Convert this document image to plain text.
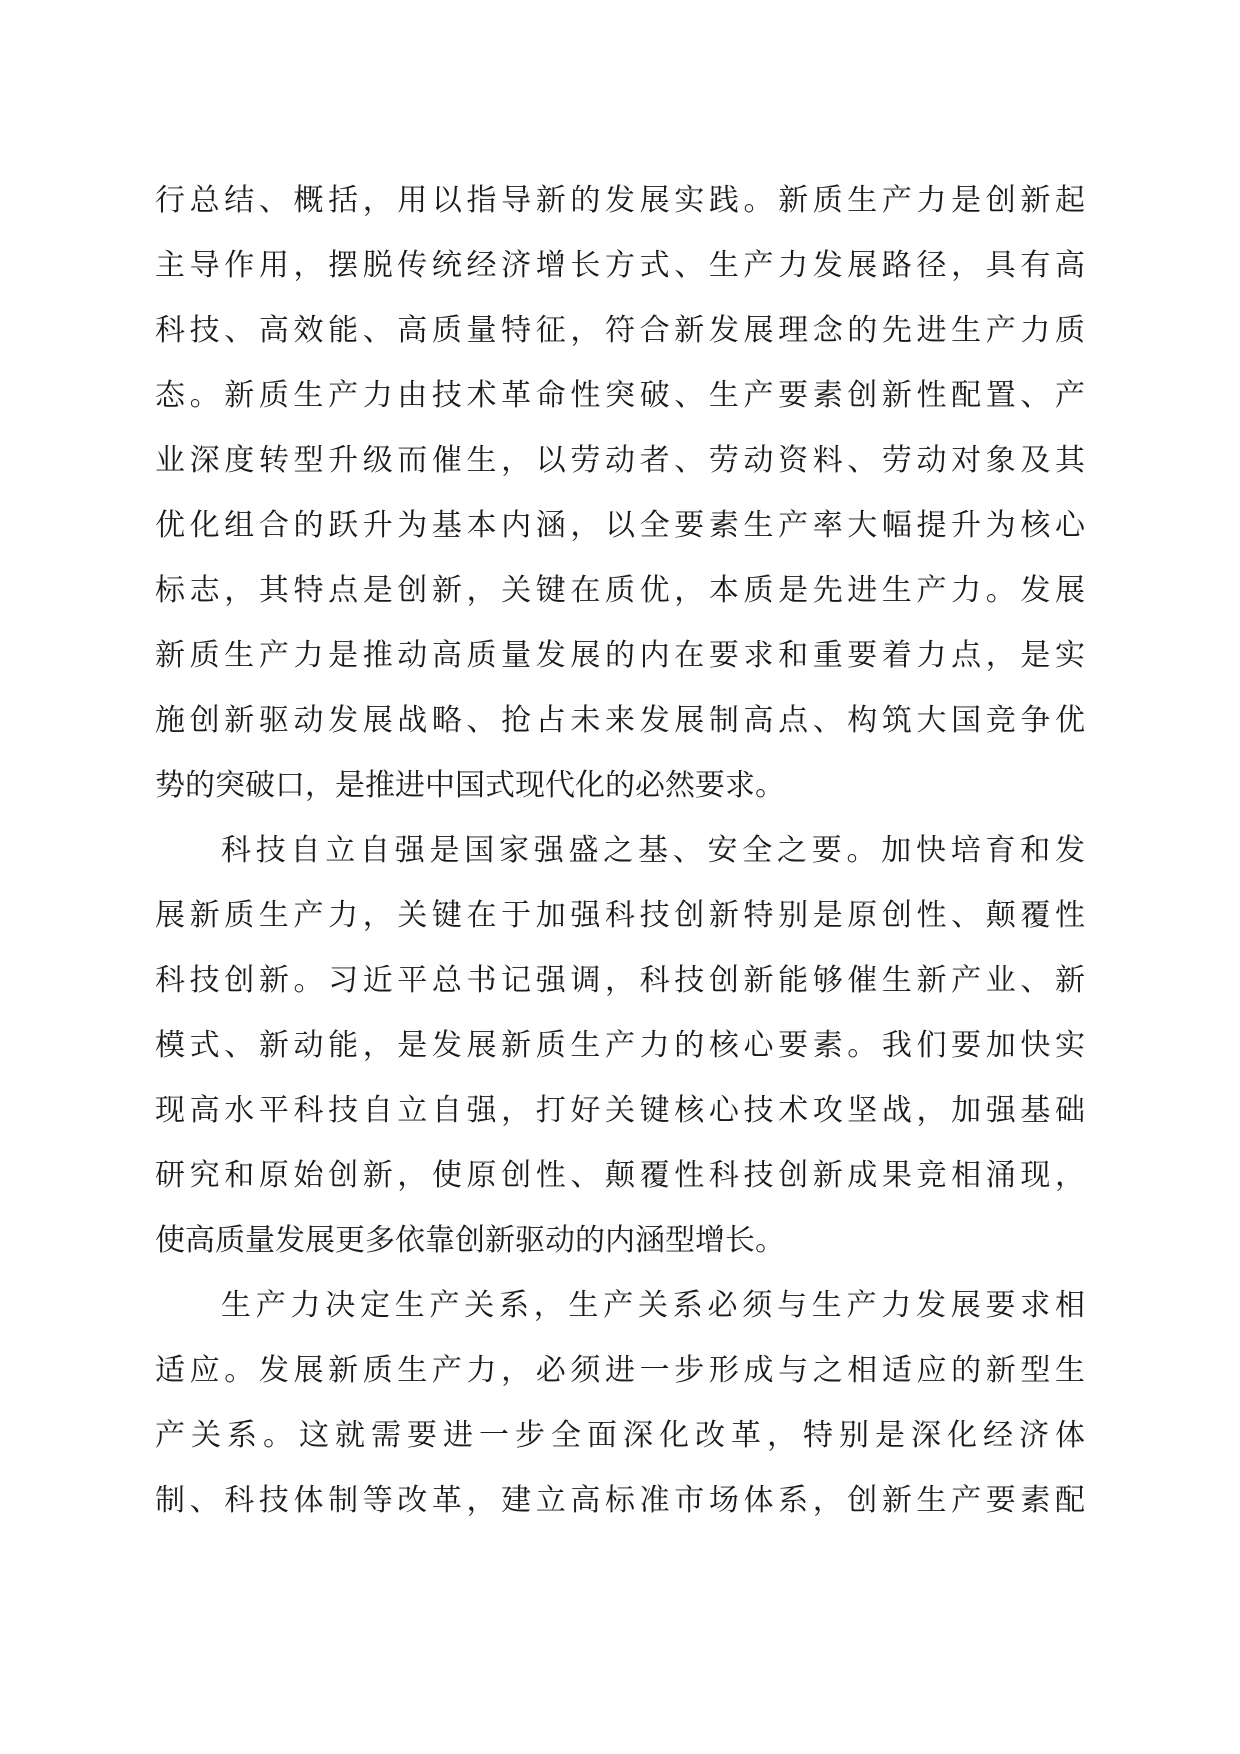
行总结、概括，用以指导新的发展实践。新质生产力是创新起
主导作用，摆脱传统经济增长方式、生产力发展路径，具有高
科技、高效能、高质量特征，符合新发展理念的先进生产力质
态。新质生产力由技术革命性突破、生产要素创新性配置、产
业深度转型升级而催生，以劳动者、劳动资料、劳动对象及其
优化组合的跃升为基本内涵，以全要素生产率大幅提升为核心
标志，其特点是创新，关键在质优，本质是先进生产力。发展
新质生产力是推动高质量发展的内在要求和重要着力点，是实
施创新驱动发展战略、抢占未来发展制高点、构筑大国竞争优
势的突破口，是推进中国式现代化的必然要求。
科技自立自强是国家强盛之基、安全之要。加快培育和发
展新质生产力，关键在于加强科技创新特别是原创性、颠覆性
科技创新。习近平总书记强调，科技创新能够催生新产业、新
模式、新动能，是发展新质生产力的核心要素。我们要加快实
现高水平科技自立自强，打好关键核心技术攻坚战，加强基础
研究和原始创新，使原创性、颠覆性科技创新成果竞相涌现，
使高质量发展更多依靠创新驱动的内涵型增长。
生产力决定生产关系，生产关系必须与生产力发展要求相
适应。发展新质生产力，必须进一步形成与之相适应的新型生
产关系。这就需要进一步全面深化改革，特别是深化经济体
制、科技体制等改革，建立高标准市场体系，创新生产要素配
